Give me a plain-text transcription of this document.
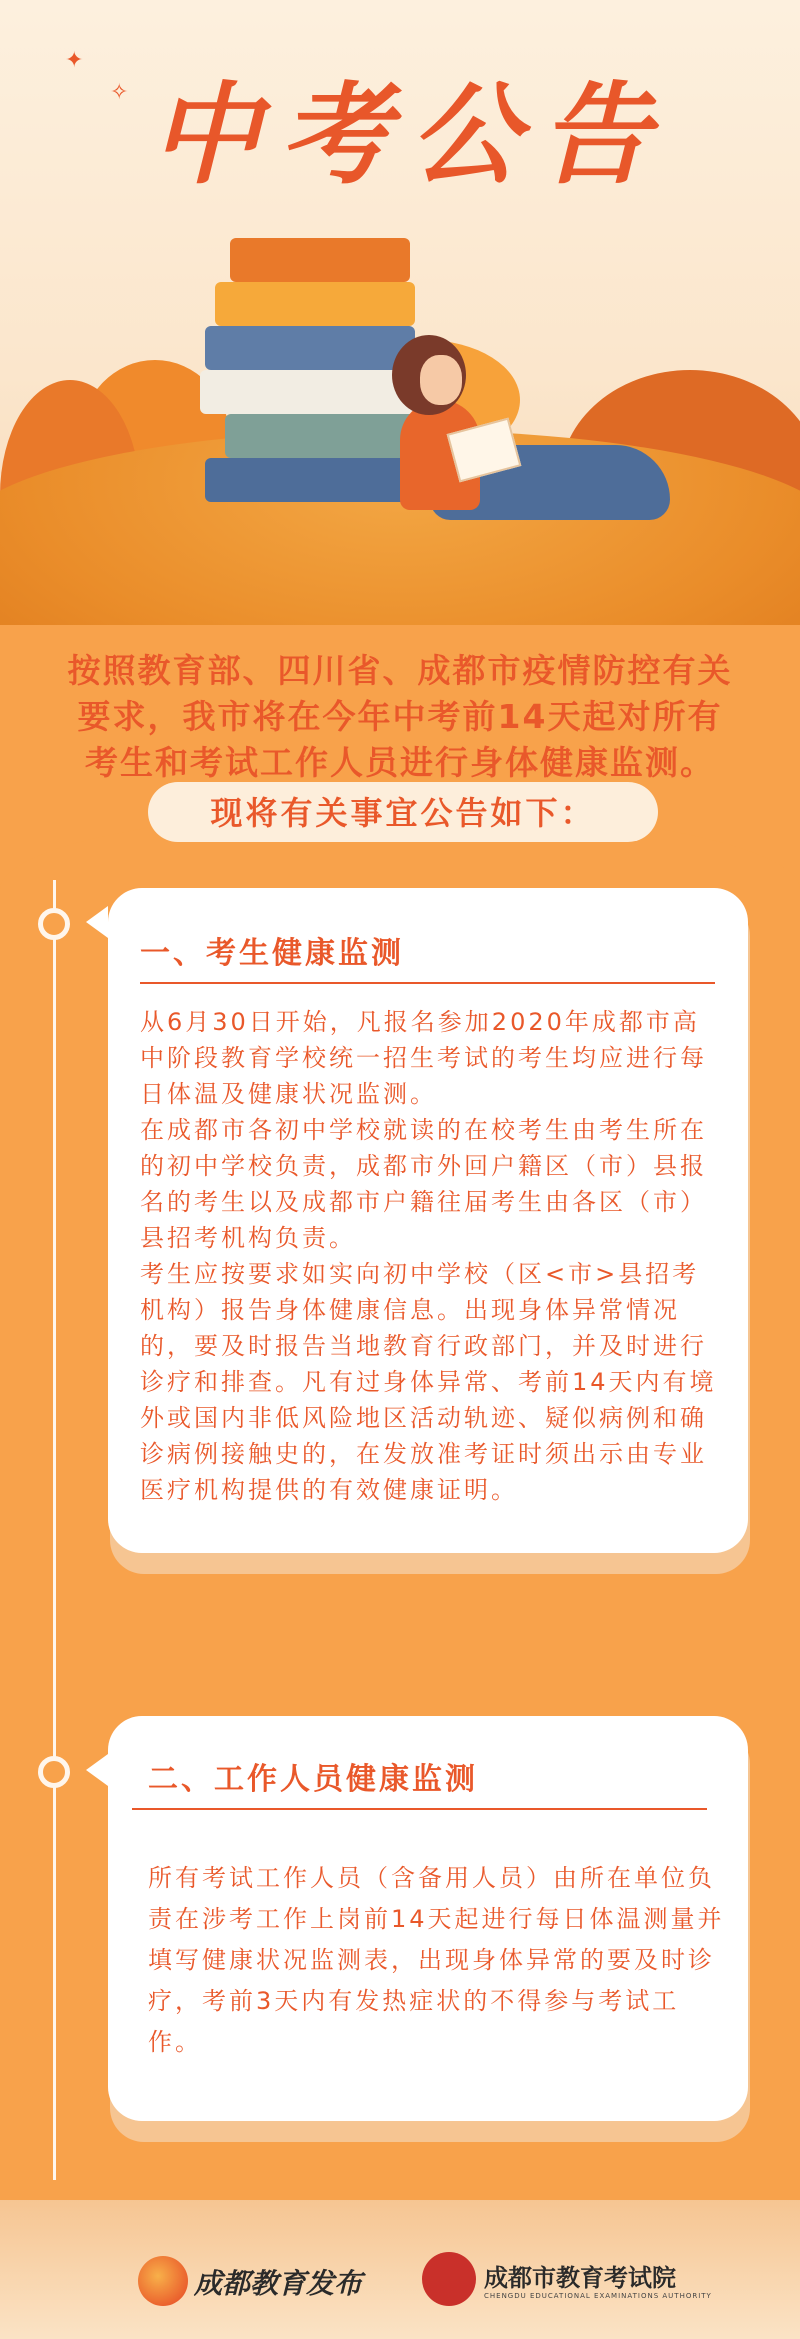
✦
✧ 中考公告

按照教育部、四川省、成都市疫情防控有关

要求，我市将在今年中考前14天起对所有

考生和考试工作人员进行身体健康监测。

现将有关事宜公告如下：
一、考生健康监测

从6月30日开始，凡报名参加2020年成都市高中阶段教育学校统一招生考试的考生均应进行每日体温及健康状况监测。

在成都市各初中学校就读的在校考生由考生所在的初中学校负责，成都市外回户籍区（市）县报名的考生以及成都市户籍往届考生由各区（市）县招考机构负责。

考生应按要求如实向初中学校（区<市>县招考机构）报告身体健康信息。出现身体异常情况的，要及时报告当地教育行政部门，并及时进行诊疗和排查。凡有过身体异常、考前14天内有境外或国内非低风险地区活动轨迹、疑似病例和确诊病例接触史的，在发放准考证时须出示由专业医疗机构提供的有效健康证明。

二、工作人员健康监测

所有考试工作人员（含备用人员）由所在单位负责在涉考工作上岗前14天起进行每日体温测量并填写健康状况监测表，出现身体异常的要及时诊疗，考前3天内有发热症状的不得参与考试工作。

成都教育发布	成都市教育考试院
CHENGDU EDUCATIONAL EXAMINATIONS AUTHORITY
